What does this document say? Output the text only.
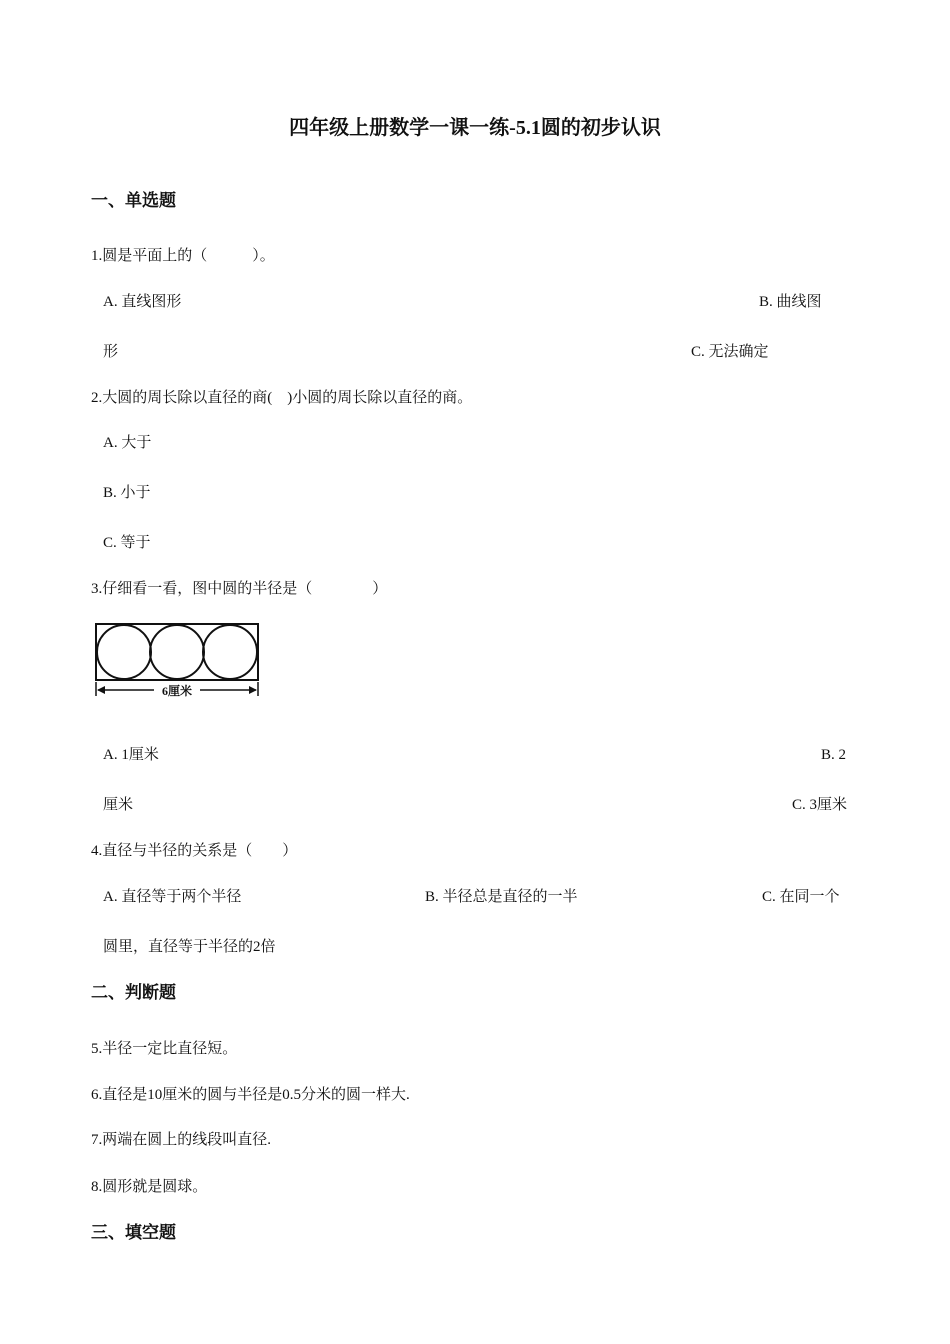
四年级上册数学一课一练-5.1圆的初步认识
一、单选题
1.圆是平面上的（　　　）。
A. 直线图形	B. 曲线图
形	C. 无法确定
2.大圆的周长除以直径的商(　)小圆的周长除以直径的商。
A. 大于
B. 小于
C. 等于
3.仔细看一看，图中圆的半径是（　　　　）
6厘米
A. 1厘米	B. 2
厘米	C. 3厘米
4.直径与半径的关系是（　　）
A. 直径等于两个半径	B. 半径总是直径的一半	C. 在同一个
圆里，直径等于半径的2倍
二、判断题
5.半径一定比直径短。
6.直径是10厘米的圆与半径是0.5分米的圆一样大.
7.两端在圆上的线段叫直径.
8.圆形就是圆球。
三、填空题
